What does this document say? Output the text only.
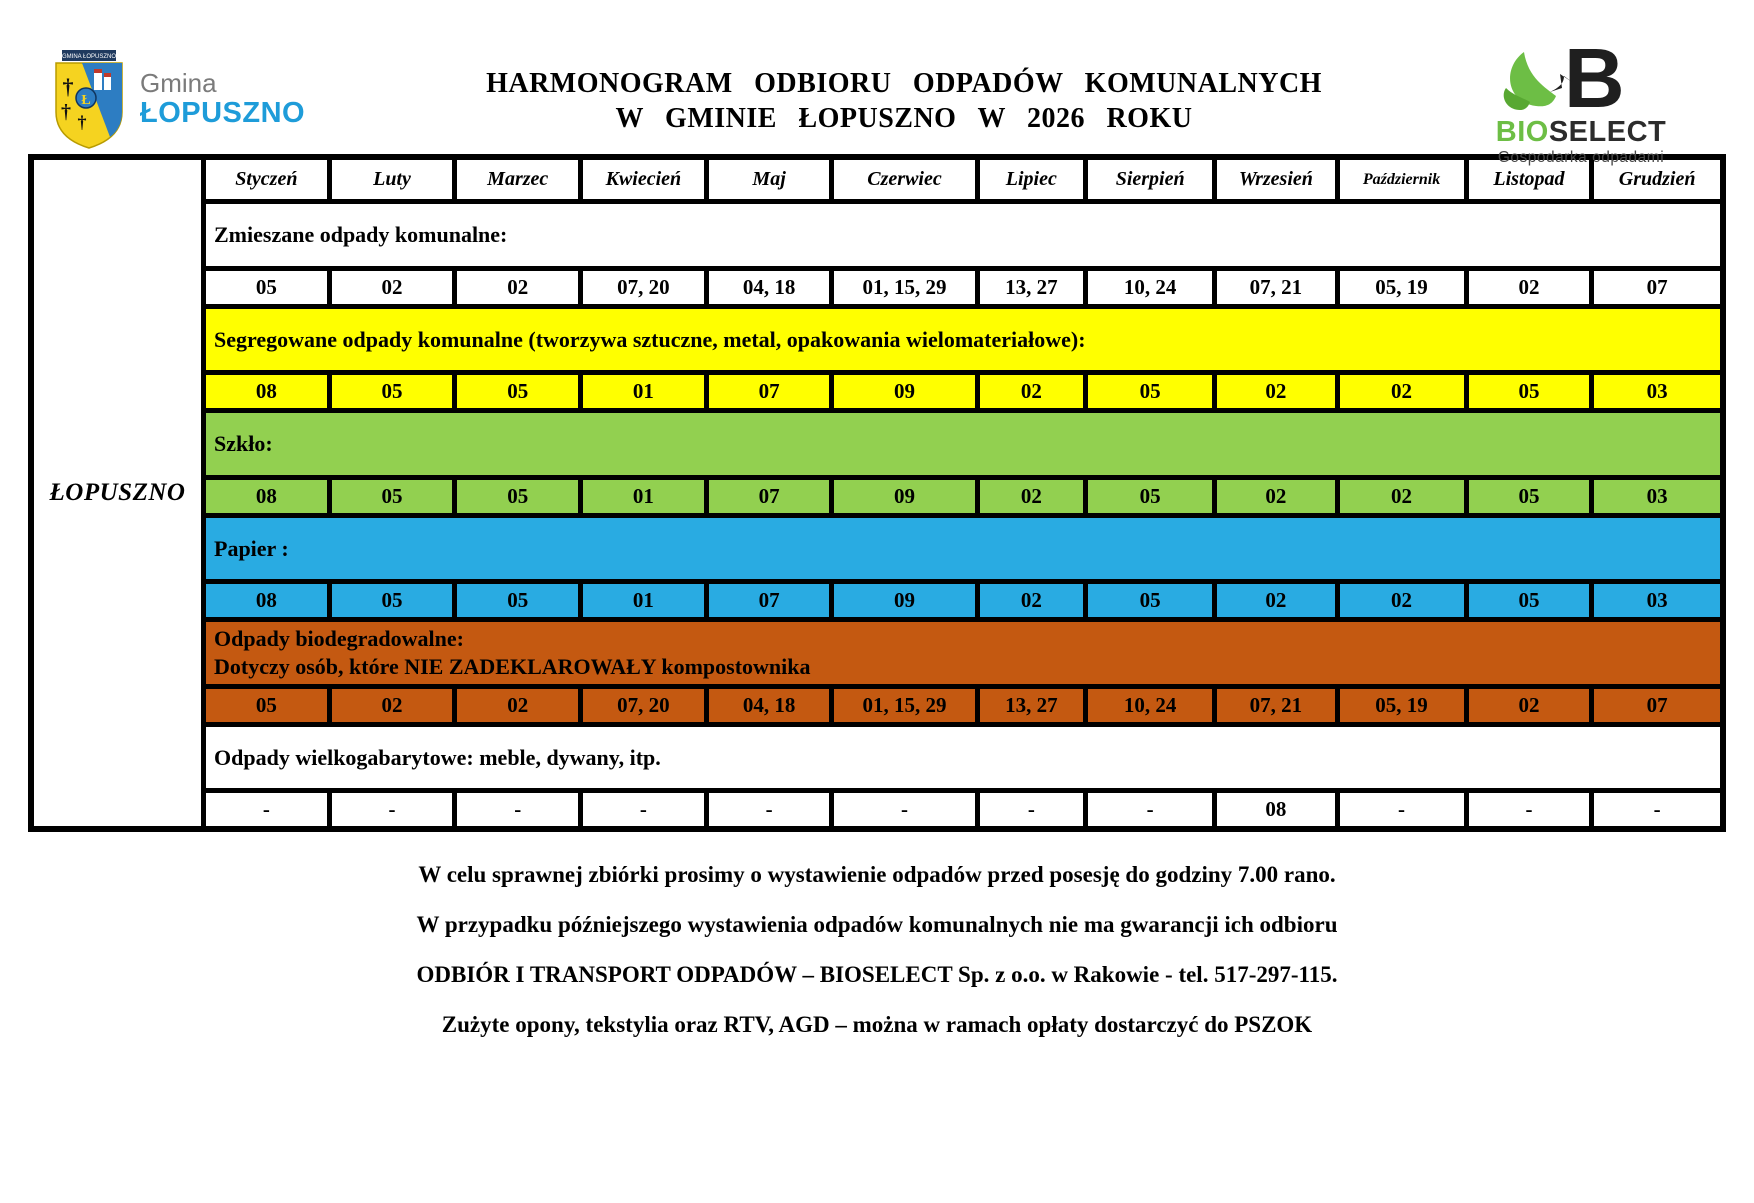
GMINA ŁOPUSZNO
†
† †
Ł
Gmina
ŁOPUSZNO
HARMONOGRAM ODBIORU ODPADÓW KOMUNALNYCH
W GMINIE ŁOPUSZNO W 2026 ROKU	B
BIOSELECT
Gospodarka odpadami
ŁOPUSZNO
Styczeń	Luty	Marzec	Kwiecień	Maj	Czerwiec	Lipiec	Sierpień	Wrzesień	Październik	Listopad	Grudzień
Zmieszane odpady komunalne:
05	02	02	07, 20	04, 18	01, 15, 29	13, 27	10, 24	07, 21	05, 19	02	07
Segregowane odpady komunalne (tworzywa sztuczne, metal, opakowania wielomateriałowe):
08	05	05	01	07	09	02	05	02	02	05	03
Szkło:
08	05	05	01	07	09	02	05	02	02	05	03
Papier :
08	05	05	01	07	09	02	05	02	02	05	03
Odpady biodegradowalne:
Dotyczy osób, które NIE ZADEKLAROWAŁY kompostownika
05	02	02	07, 20	04, 18	01, 15, 29	13, 27	10, 24	07, 21	05, 19	02	07
Odpady wielkogabarytowe: meble, dywany, itp.
-	-	-	-	-	-	-	-	08	-	-	-
W celu sprawnej zbiórki prosimy o wystawienie odpadów przed posesję do godziny 7.00 rano.
W przypadku późniejszego wystawienia odpadów komunalnych nie ma gwarancji ich odbioru
ODBIÓR I TRANSPORT ODPADÓW – BIOSELECT Sp. z o.o. w Rakowie - tel. 517-297-115.
Zużyte opony, tekstylia oraz RTV, AGD – można w ramach opłaty dostarczyć do PSZOK
